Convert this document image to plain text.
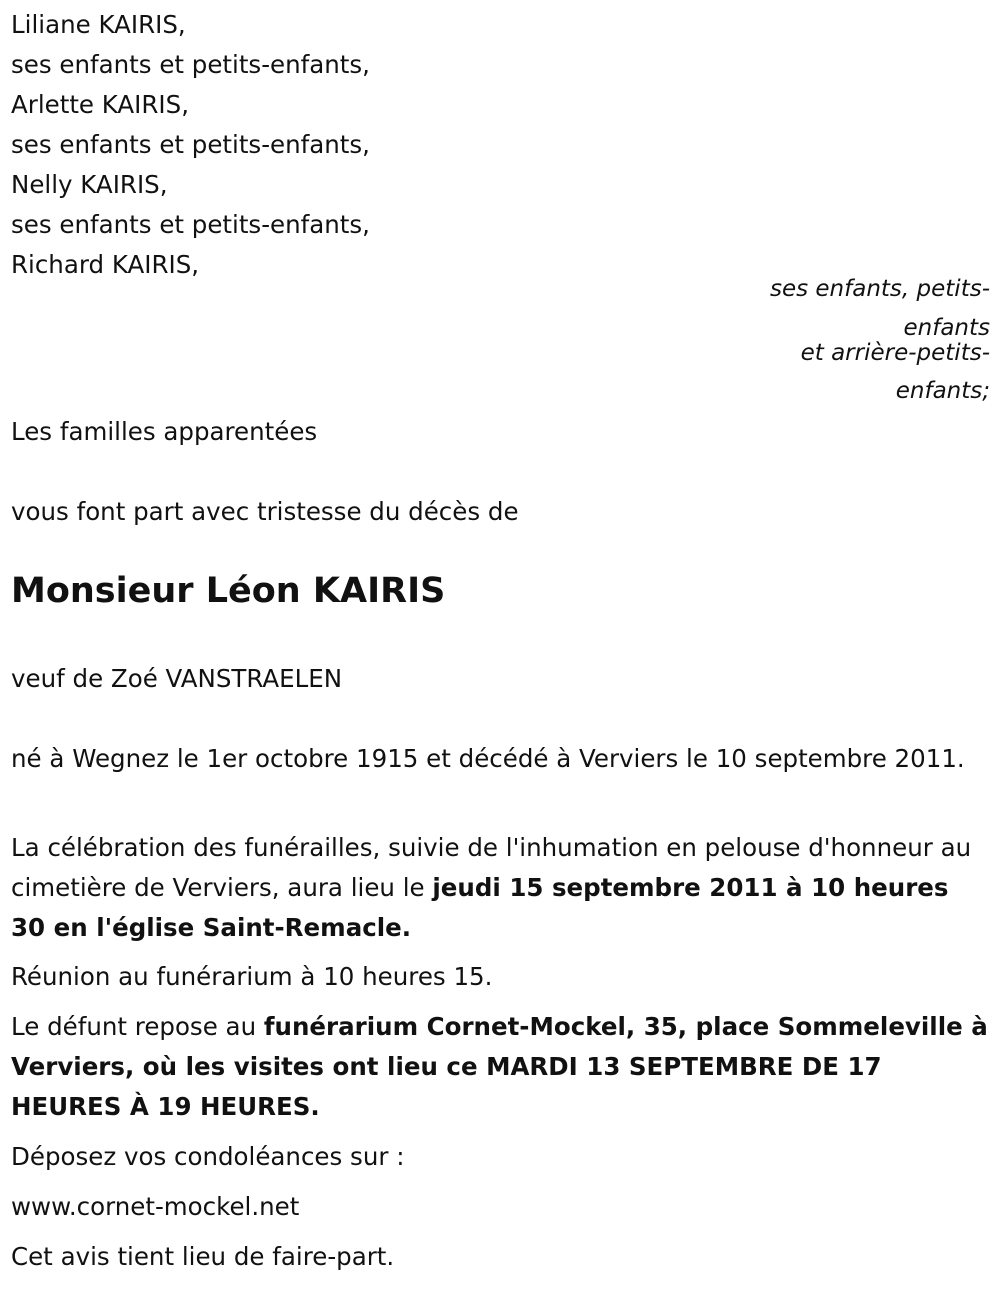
Liliane KAIRIS,

ses enfants et petits-enfants,

Arlette KAIRIS,

ses enfants et petits-enfants,

Nelly KAIRIS,

ses enfants et petits-enfants,

Richard KAIRIS,

ses enfants, petits-

enfants

et arrière-petits-

enfants;

Les familles apparentées

vous font part avec tristesse du décès de

Monsieur Léon KAIRIS

veuf de Zoé VANSTRAELEN

né à Wegnez le 1er octobre 1915 et décédé à Verviers le 10 septembre 2011.

La célébration des funérailles, suivie de l'inhumation en pelouse d'honneur au cimetière de Verviers, aura lieu le jeudi 15 septembre 2011 à 10 heures 30 en l'église Saint-Remacle.

Réunion au funérarium à 10 heures 15.

Le défunt repose au funérarium Cornet-Mockel, 35, place Sommeleville à Verviers, où les visites ont lieu ce MARDI 13 SEPTEMBRE DE 17 HEURES À 19 HEURES.

Déposez vos condoléances sur :

www.cornet-mockel.net

Cet avis tient lieu de faire-part.
